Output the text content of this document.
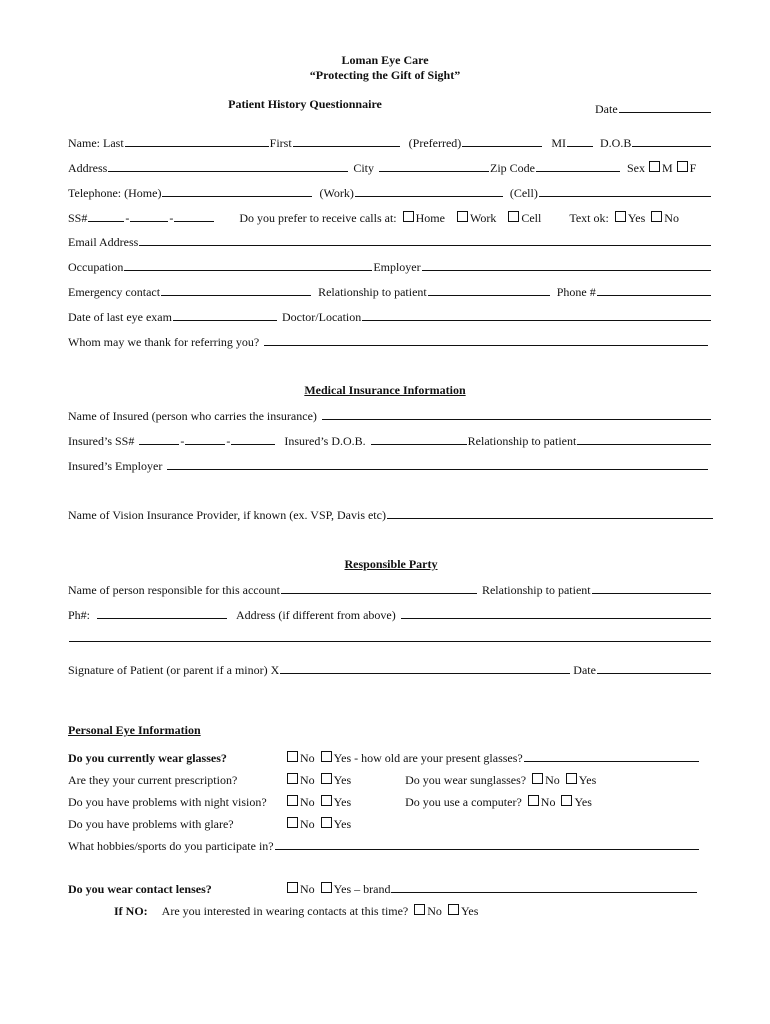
Loman Eye Care
“Protecting the Gift of Sight”
Patient History Questionnaire	Date
Name: Last	First	(Preferred)	MI	D.O.B
Address	City	Zip Code	Sex M F
Telephone: (Home)	(Work)	(Cell)
SS#	-	-	Do you prefer to receive calls at: Home Work Cell Text ok: Yes No
Email Address
Occupation	Employer
Emergency contact	Relationship to patient	Phone #
Date of last eye exam	Doctor/Location
Whom may we thank for referring you?
Medical Insurance Information
Name of Insured (person who carries the insurance)
Insured’s SS#	-	-	Insured’s D.O.B.	Relationship to patient
Insured’s Employer
Name of Vision Insurance Provider, if known (ex. VSP, Davis etc)
Responsible Party
Name of person responsible for this account	Relationship to patient
Ph#:	Address (if different from above)
Signature of Patient (or parent if a minor) X	Date
Personal Eye Information
Do you currently wear glasses?	No Yes - how old are your present glasses?
Are they your current prescription?	No Yes	Do you wear sunglasses? No Yes
Do you have problems with night vision?	No Yes	Do you use a computer? No Yes
Do you have problems with glare?	No Yes
What hobbies/sports do you participate in?
Do you wear contact lenses?	No Yes – brand
If NO: Are you interested in wearing contacts at this time? No Yes
